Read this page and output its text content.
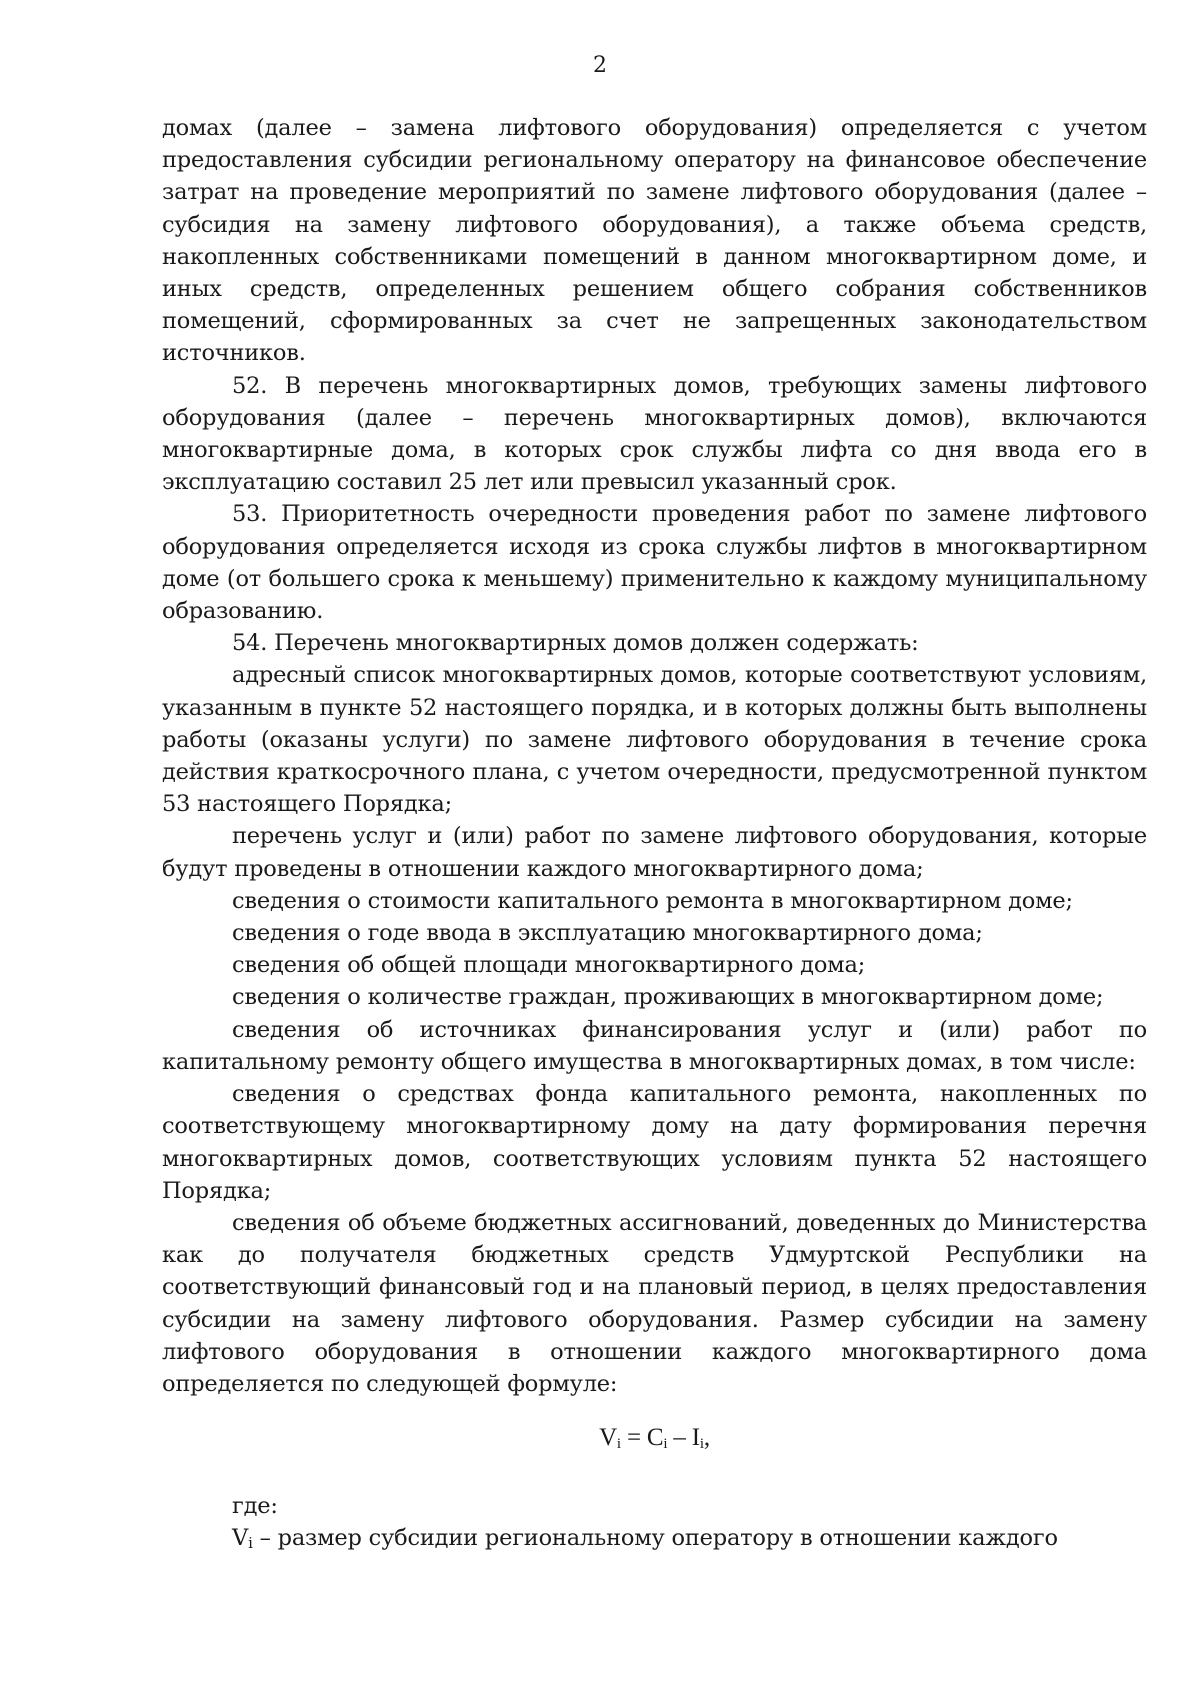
2

домах (далее – замена лифтового оборудования) определяется с учетом предоставления субсидии региональному оператору на финансовое обеспечение затрат на проведение мероприятий по замене лифтового оборудования (далее – субсидия на замену лифтового оборудования), а также объема средств, накопленных собственниками помещений в данном многоквартирном доме, и иных средств, определенных решением общего собрания собственников помещений, сформированных за счет не запрещенных законодательством источников.

52. В перечень многоквартирных домов, требующих замены лифтового оборудования (далее – перечень многоквартирных домов), включаются многоквартирные дома, в которых срок службы лифта со дня ввода его в эксплуатацию составил 25 лет или превысил указанный срок.

53. Приоритетность очередности проведения работ по замене лифтового оборудования определяется исходя из срока службы лифтов в многоквартирном доме (от большего срока к меньшему) применительно к каждому муниципальному образованию.

54. Перечень многоквартирных домов должен содержать:

адресный список многоквартирных домов, которые соответствуют условиям, указанным в пункте 52 настоящего порядка, и в которых должны быть выполнены работы (оказаны услуги) по замене лифтового оборудования в течение срока действия краткосрочного плана, с учетом очередности, предусмотренной пунктом 53 настоящего Порядка;

перечень услуг и (или) работ по замене лифтового оборудования, которые будут проведены в отношении каждого многоквартирного дома;

сведения о стоимости капитального ремонта в многоквартирном доме;

сведения о годе ввода в эксплуатацию многоквартирного дома;

сведения об общей площади многоквартирного дома;

сведения о количестве граждан, проживающих в многоквартирном доме;

сведения об источниках финансирования услуг и (или) работ по капитальному ремонту общего имущества в многоквартирных домах, в том числе:

сведения о средствах фонда капитального ремонта, накопленных по соответствующему многоквартирному дому на дату формирования перечня многоквартирных домов, соответствующих условиям пункта 52 настоящего Порядка;

сведения об объеме бюджетных ассигнований, доведенных до Министерства как до получателя бюджетных средств Удмуртской Республики на соответствующий финансовый год и на плановый период, в целях предоставления субсидии на замену лифтового оборудования. Размер субсидии на замену лифтового оборудования в отношении каждого многоквартирного дома определяется по следующей формуле:

$V_i = C_i - I_i$,

где:

Vi – размер субсидии региональному оператору в отношении каждого
